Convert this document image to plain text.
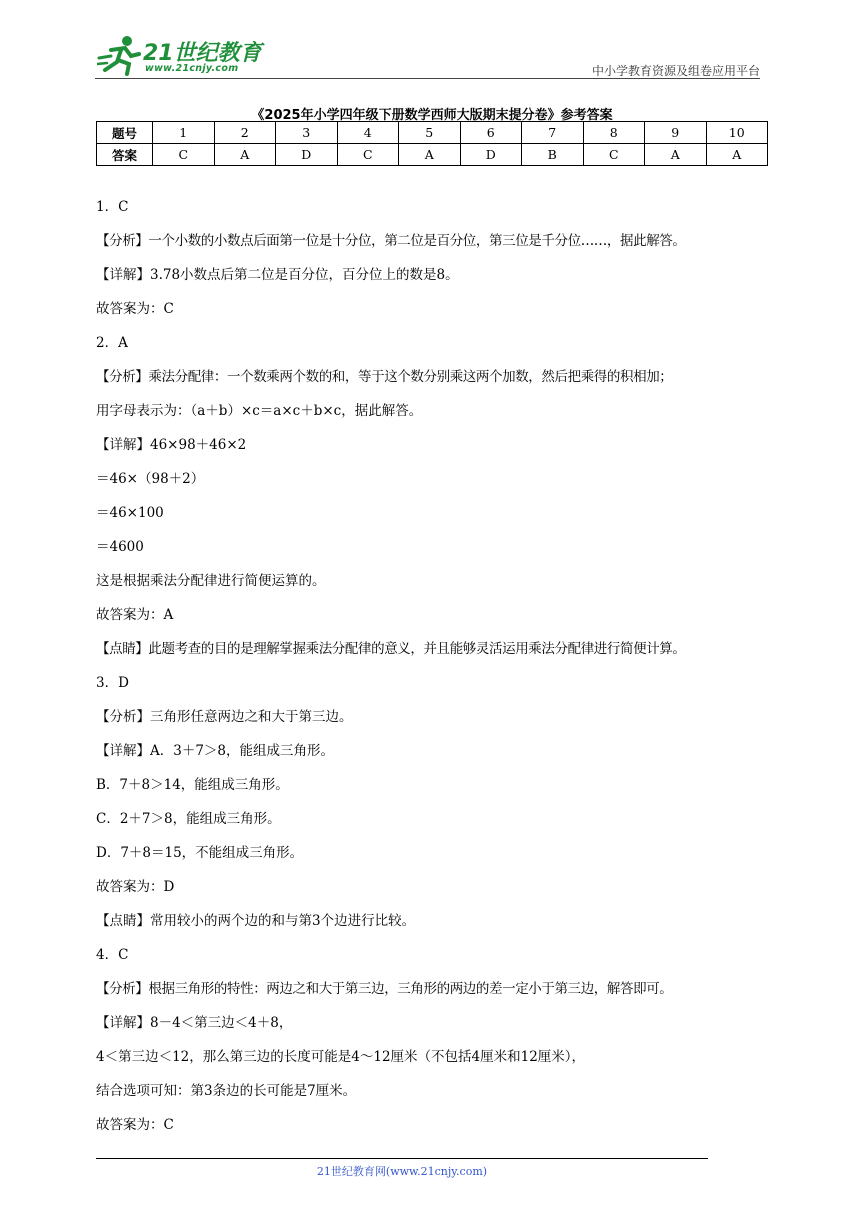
21世纪教育
www.21cnjy.com	中小学教育资源及组卷应用平台
《2025年小学四年级下册数学西师大版期末提分卷》参考答案
题号	1	2	3	4	5	6	7	8	9	10
答案	C	A	D	C	A	D	B	C	A	A
1．C
【分析】一个小数的小数点后面第一位是十分位，第二位是百分位，第三位是千分位……，据此解答。
【详解】3.78小数点后第二位是百分位，百分位上的数是8。
故答案为：C
2．A
【分析】乘法分配律：一个数乘两个数的和，等于这个数分别乘这两个加数，然后把乘得的积相加；
用字母表示为：（a＋b）×c＝a×c＋b×c，据此解答。
【详解】46×98＋46×2
＝46×（98＋2）
＝46×100
＝4600
这是根据乘法分配律进行简便运算的。
故答案为：A
【点睛】此题考查的目的是理解掌握乘法分配律的意义，并且能够灵活运用乘法分配律进行简便计算。
3．D
【分析】三角形任意两边之和大于第三边。
【详解】A．3＋7＞8，能组成三角形。
B．7＋8＞14，能组成三角形。
C．2＋7＞8，能组成三角形。
D．7＋8＝15，不能组成三角形。
故答案为：D
【点睛】常用较小的两个边的和与第3个边进行比较。
4．C
【分析】根据三角形的特性：两边之和大于第三边，三角形的两边的差一定小于第三边，解答即可。
【详解】8－4＜第三边＜4＋8，
4＜第三边＜12，那么第三边的长度可能是4～12厘米（不包括4厘米和12厘米），
结合选项可知：第3条边的长可能是7厘米。
故答案为：C
21世纪教育网(www.21cnjy.com)
